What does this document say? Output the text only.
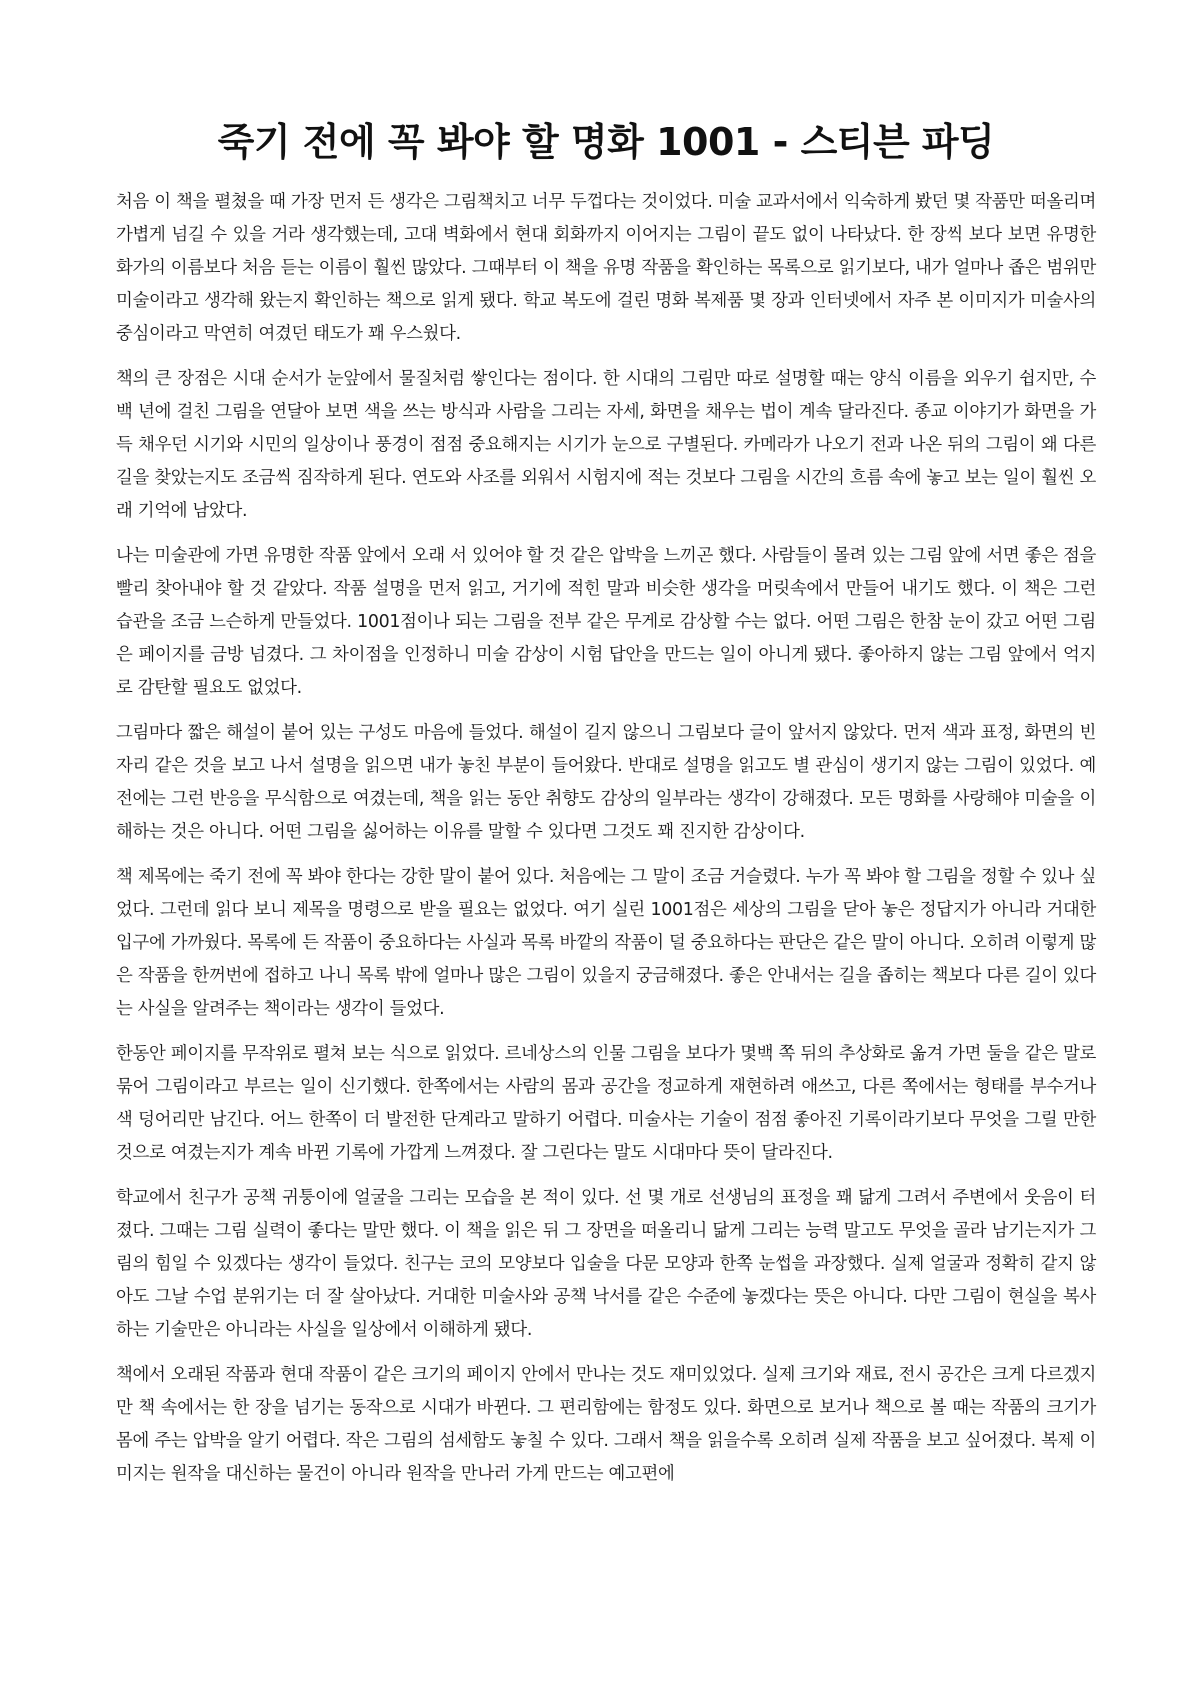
죽기 전에 꼭 봐야 할 명화 1001 - 스티븐 파딩

처음 이 책을 펼쳤을 때 가장 먼저 든 생각은 그림책치고 너무 두껍다는 것이었다. 미술 교과서에서 익숙하게 봤던 몇 작품만 떠올리며 가볍게 넘길 수 있을 거라 생각했는데, 고대 벽화에서 현대 회화까지 이어지는 그림이 끝도 없이 나타났다. 한 장씩 보다 보면 유명한 화가의 이름보다 처음 듣는 이름이 훨씬 많았다. 그때부터 이 책을 유명 작품을 확인하는 목록으로 읽기보다, 내가 얼마나 좁은 범위만 미술이라고 생각해 왔는지 확인하는 책으로 읽게 됐다. 학교 복도에 걸린 명화 복제품 몇 장과 인터넷에서 자주 본 이미지가 미술사의 중심이라고 막연히 여겼던 태도가 꽤 우스웠다.

책의 큰 장점은 시대 순서가 눈앞에서 물질처럼 쌓인다는 점이다. 한 시대의 그림만 따로 설명할 때는 양식 이름을 외우기 쉽지만, 수백 년에 걸친 그림을 연달아 보면 색을 쓰는 방식과 사람을 그리는 자세, 화면을 채우는 법이 계속 달라진다. 종교 이야기가 화면을 가득 채우던 시기와 시민의 일상이나 풍경이 점점 중요해지는 시기가 눈으로 구별된다. 카메라가 나오기 전과 나온 뒤의 그림이 왜 다른 길을 찾았는지도 조금씩 짐작하게 된다. 연도와 사조를 외워서 시험지에 적는 것보다 그림을 시간의 흐름 속에 놓고 보는 일이 훨씬 오래 기억에 남았다.

나는 미술관에 가면 유명한 작품 앞에서 오래 서 있어야 할 것 같은 압박을 느끼곤 했다. 사람들이 몰려 있는 그림 앞에 서면 좋은 점을 빨리 찾아내야 할 것 같았다. 작품 설명을 먼저 읽고, 거기에 적힌 말과 비슷한 생각을 머릿속에서 만들어 내기도 했다. 이 책은 그런 습관을 조금 느슨하게 만들었다. 1001점이나 되는 그림을 전부 같은 무게로 감상할 수는 없다. 어떤 그림은 한참 눈이 갔고 어떤 그림은 페이지를 금방 넘겼다. 그 차이점을 인정하니 미술 감상이 시험 답안을 만드는 일이 아니게 됐다. 좋아하지 않는 그림 앞에서 억지로 감탄할 필요도 없었다.

그림마다 짧은 해설이 붙어 있는 구성도 마음에 들었다. 해설이 길지 않으니 그림보다 글이 앞서지 않았다. 먼저 색과 표정, 화면의 빈자리 같은 것을 보고 나서 설명을 읽으면 내가 놓친 부분이 들어왔다. 반대로 설명을 읽고도 별 관심이 생기지 않는 그림이 있었다. 예전에는 그런 반응을 무식함으로 여겼는데, 책을 읽는 동안 취향도 감상의 일부라는 생각이 강해졌다. 모든 명화를 사랑해야 미술을 이해하는 것은 아니다. 어떤 그림을 싫어하는 이유를 말할 수 있다면 그것도 꽤 진지한 감상이다.

책 제목에는 죽기 전에 꼭 봐야 한다는 강한 말이 붙어 있다. 처음에는 그 말이 조금 거슬렸다. 누가 꼭 봐야 할 그림을 정할 수 있나 싶었다. 그런데 읽다 보니 제목을 명령으로 받을 필요는 없었다. 여기 실린 1001점은 세상의 그림을 닫아 놓은 정답지가 아니라 거대한 입구에 가까웠다. 목록에 든 작품이 중요하다는 사실과 목록 바깥의 작품이 덜 중요하다는 판단은 같은 말이 아니다. 오히려 이렇게 많은 작품을 한꺼번에 접하고 나니 목록 밖에 얼마나 많은 그림이 있을지 궁금해졌다. 좋은 안내서는 길을 좁히는 책보다 다른 길이 있다는 사실을 알려주는 책이라는 생각이 들었다.

한동안 페이지를 무작위로 펼쳐 보는 식으로 읽었다. 르네상스의 인물 그림을 보다가 몇백 쪽 뒤의 추상화로 옮겨 가면 둘을 같은 말로 묶어 그림이라고 부르는 일이 신기했다. 한쪽에서는 사람의 몸과 공간을 정교하게 재현하려 애쓰고, 다른 쪽에서는 형태를 부수거나 색 덩어리만 남긴다. 어느 한쪽이 더 발전한 단계라고 말하기 어렵다. 미술사는 기술이 점점 좋아진 기록이라기보다 무엇을 그릴 만한 것으로 여겼는지가 계속 바뀐 기록에 가깝게 느껴졌다. 잘 그린다는 말도 시대마다 뜻이 달라진다.

학교에서 친구가 공책 귀퉁이에 얼굴을 그리는 모습을 본 적이 있다. 선 몇 개로 선생님의 표정을 꽤 닮게 그려서 주변에서 웃음이 터졌다. 그때는 그림 실력이 좋다는 말만 했다. 이 책을 읽은 뒤 그 장면을 떠올리니 닮게 그리는 능력 말고도 무엇을 골라 남기는지가 그림의 힘일 수 있겠다는 생각이 들었다. 친구는 코의 모양보다 입술을 다문 모양과 한쪽 눈썹을 과장했다. 실제 얼굴과 정확히 같지 않아도 그날 수업 분위기는 더 잘 살아났다. 거대한 미술사와 공책 낙서를 같은 수준에 놓겠다는 뜻은 아니다. 다만 그림이 현실을 복사하는 기술만은 아니라는 사실을 일상에서 이해하게 됐다.

책에서 오래된 작품과 현대 작품이 같은 크기의 페이지 안에서 만나는 것도 재미있었다. 실제 크기와 재료, 전시 공간은 크게 다르겠지만 책 속에서는 한 장을 넘기는 동작으로 시대가 바뀐다. 그 편리함에는 함정도 있다. 화면으로 보거나 책으로 볼 때는 작품의 크기가 몸에 주는 압박을 알기 어렵다. 작은 그림의 섬세함도 놓칠 수 있다. 그래서 책을 읽을수록 오히려 실제 작품을 보고 싶어졌다. 복제 이미지는 원작을 대신하는 물건이 아니라 원작을 만나러 가게 만드는 예고편에
